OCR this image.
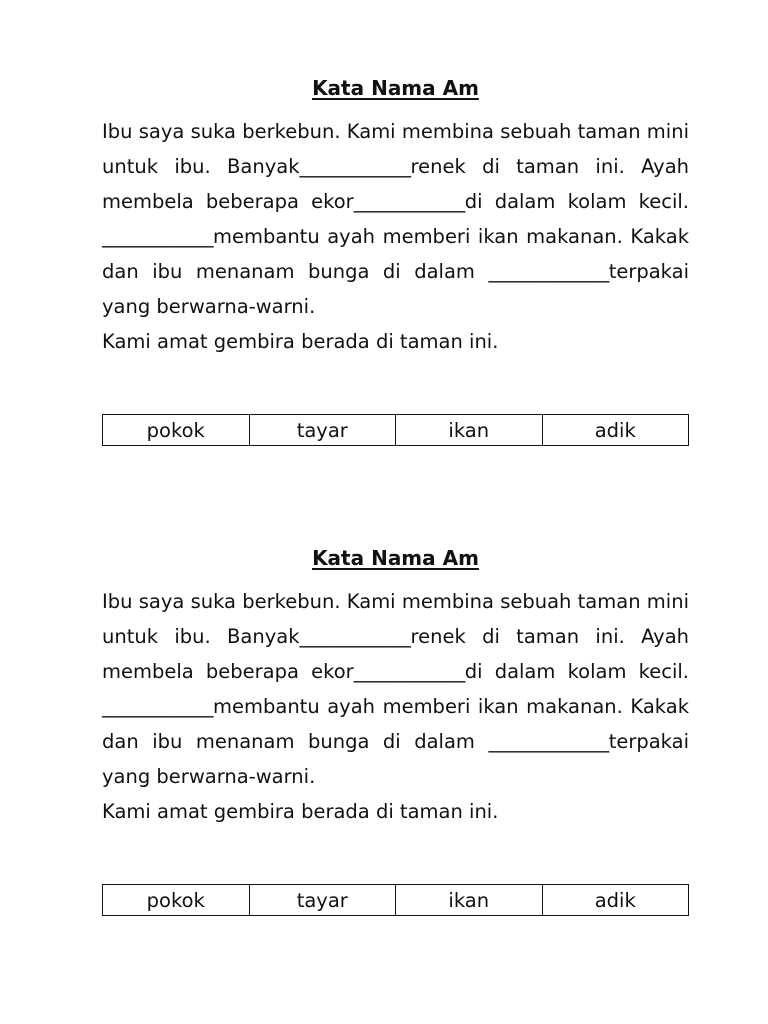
Kata Nama Am

Ibu saya suka berkebun. Kami membina sebuah taman mini untuk ibu. Banyak____________renek di taman ini. Ayah membela beberapa ekor____________di dalam kolam kecil. ____________membantu ayah memberi ikan makanan. Kakak dan ibu menanam bunga di dalam _____________terpakai yang berwarna-warni.
Kami amat gembira berada di taman ini.

pokok	tayar	ikan	adik
Kata Nama Am

Ibu saya suka berkebun. Kami membina sebuah taman mini untuk ibu. Banyak____________renek di taman ini. Ayah membela beberapa ekor____________di dalam kolam kecil. ____________membantu ayah memberi ikan makanan. Kakak dan ibu menanam bunga di dalam _____________terpakai yang berwarna-warni.
Kami amat gembira berada di taman ini.

pokok	tayar	ikan	adik
